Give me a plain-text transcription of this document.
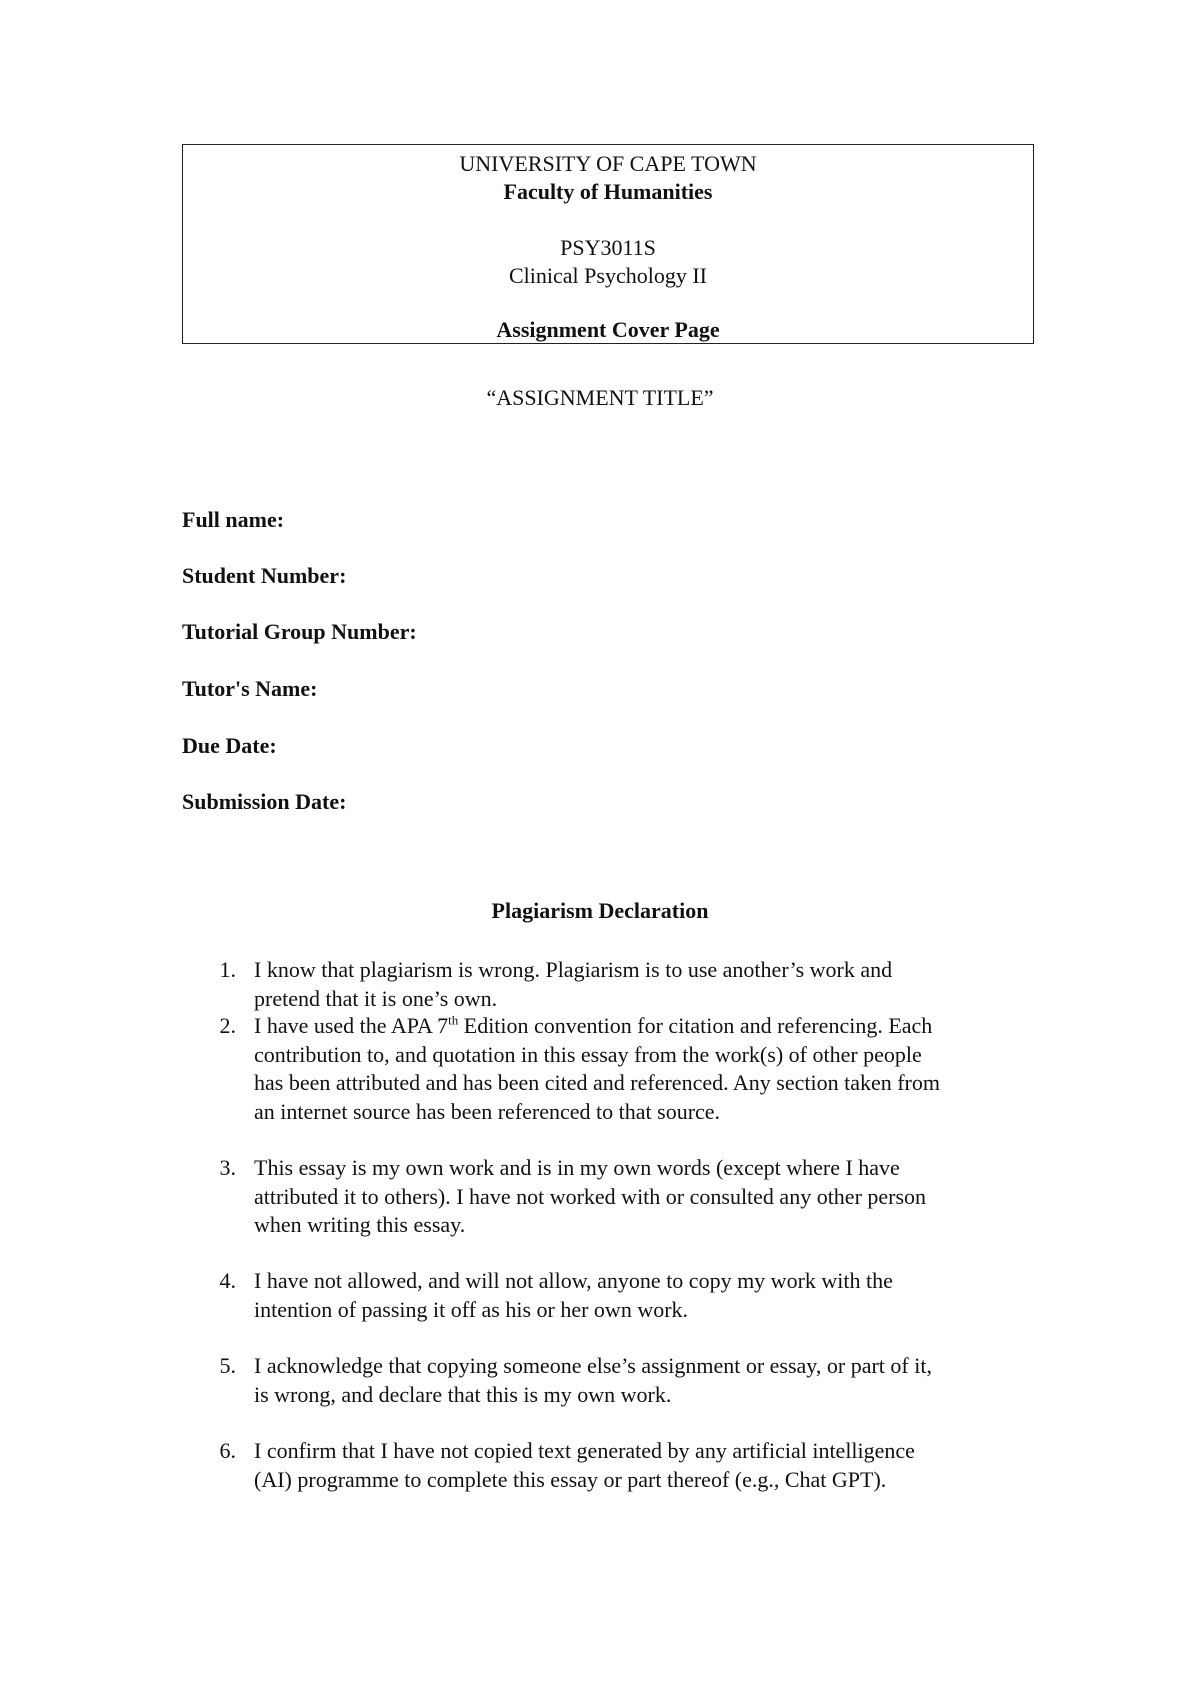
UNIVERSITY OF CAPE TOWN
Faculty of Humanities
PSY3011S
Clinical Psychology II
Assignment Cover Page
“ASSIGNMENT TITLE”
Full name:
Student Number:
Tutorial Group Number:
Tutor's Name:
Due Date:
Submission Date:
Plagiarism Declaration
1. I know that plagiarism is wrong. Plagiarism is to use another’s work and
pretend that it is one’s own.
2. I have used the APA 7th Edition convention for citation and referencing. Each
contribution to, and quotation in this essay from the work(s) of other people
has been attributed and has been cited and referenced. Any section taken from
an internet source has been referenced to that source.
3. This essay is my own work and is in my own words (except where I have
attributed it to others). I have not worked with or consulted any other person
when writing this essay.
4. I have not allowed, and will not allow, anyone to copy my work with the
intention of passing it off as his or her own work.
5. I acknowledge that copying someone else’s assignment or essay, or part of it,
is wrong, and declare that this is my own work.
6. I confirm that I have not copied text generated by any artificial intelligence
(AI) programme to complete this essay or part thereof (e.g., Chat GPT).
